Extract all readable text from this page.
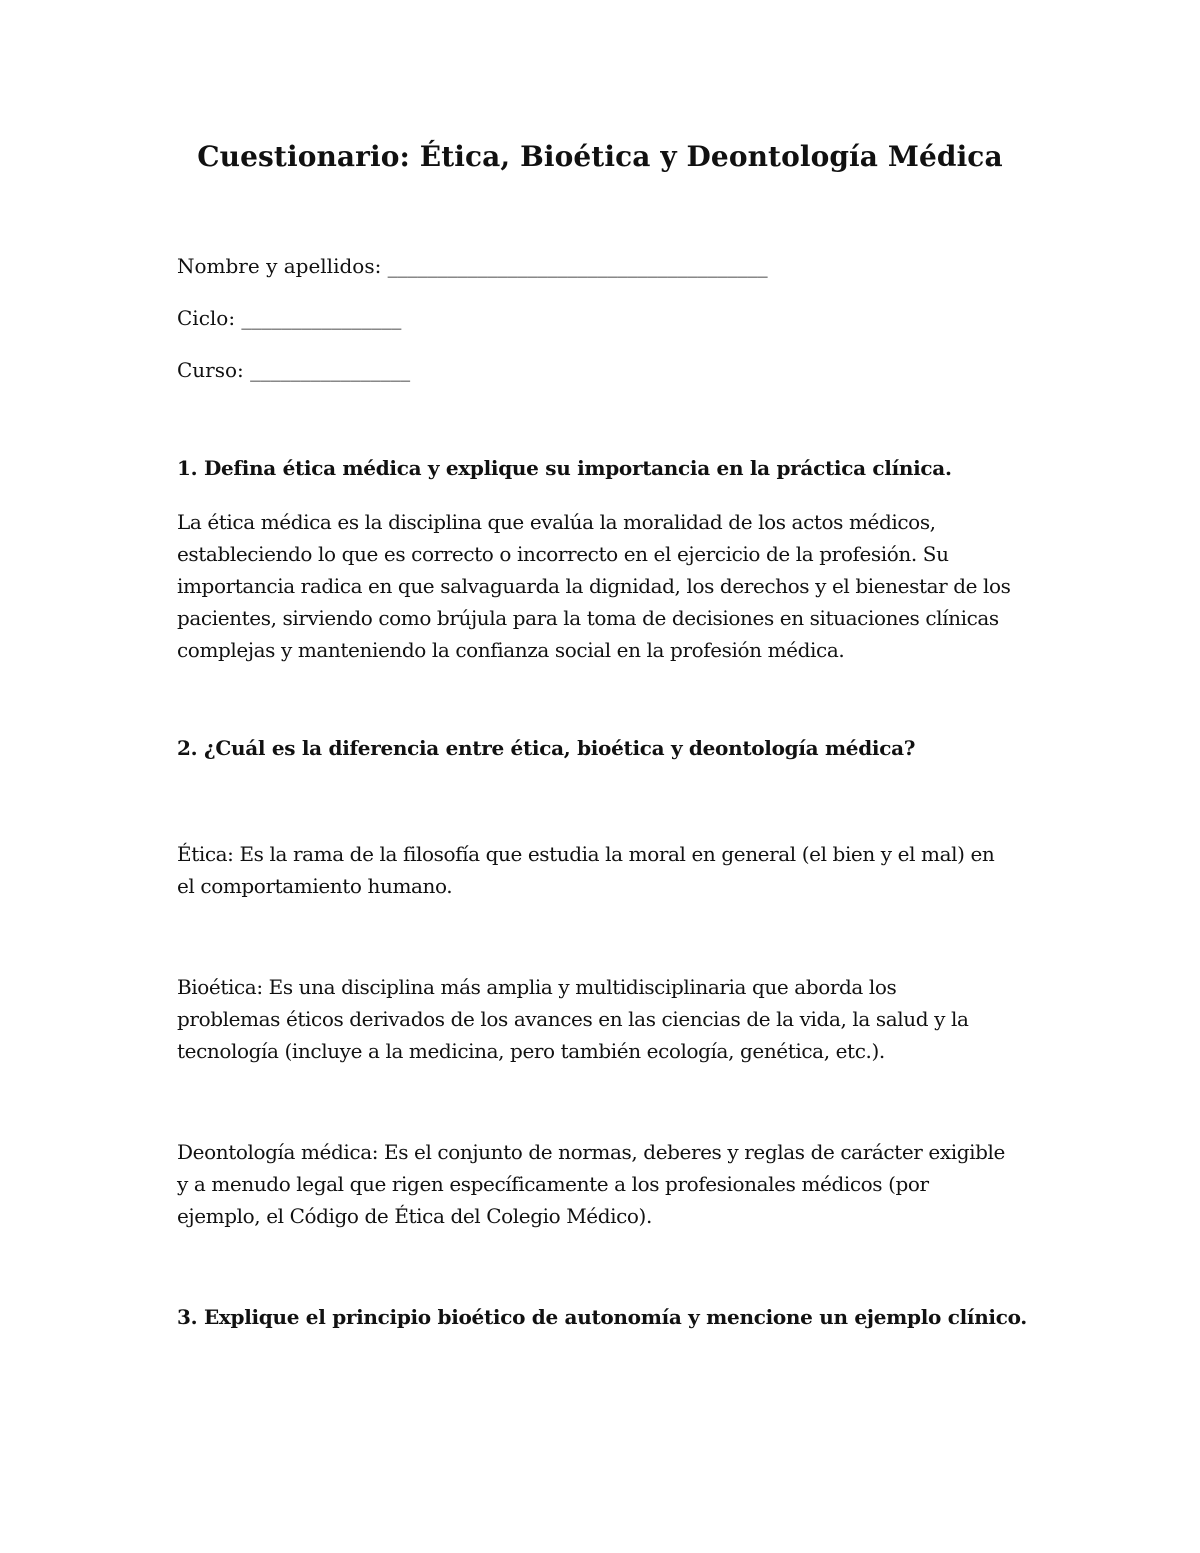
Cuestionario: Ética, Bioética y Deontología Médica
Nombre y apellidos: ______________________________________
Ciclo: ________________
Curso: ________________
1. Defina ética médica y explique su importancia en la práctica clínica.
La ética médica es la disciplina que evalúa la moralidad de los actos médicos,
estableciendo lo que es correcto o incorrecto en el ejercicio de la profesión. Su
importancia radica en que salvaguarda la dignidad, los derechos y el bienestar de los
pacientes, sirviendo como brújula para la toma de decisiones en situaciones clínicas
complejas y manteniendo la confianza social en la profesión médica.
2. ¿Cuál es la diferencia entre ética, bioética y deontología médica?
Ética: Es la rama de la filosofía que estudia la moral en general (el bien y el mal) en
el comportamiento humano.
Bioética: Es una disciplina más amplia y multidisciplinaria que aborda los
problemas éticos derivados de los avances en las ciencias de la vida, la salud y la
tecnología (incluye a la medicina, pero también ecología, genética, etc.).
Deontología médica: Es el conjunto de normas, deberes y reglas de carácter exigible
y a menudo legal que rigen específicamente a los profesionales médicos (por
ejemplo, el Código de Ética del Colegio Médico).
3. Explique el principio bioético de autonomía y mencione un ejemplo clínico.
